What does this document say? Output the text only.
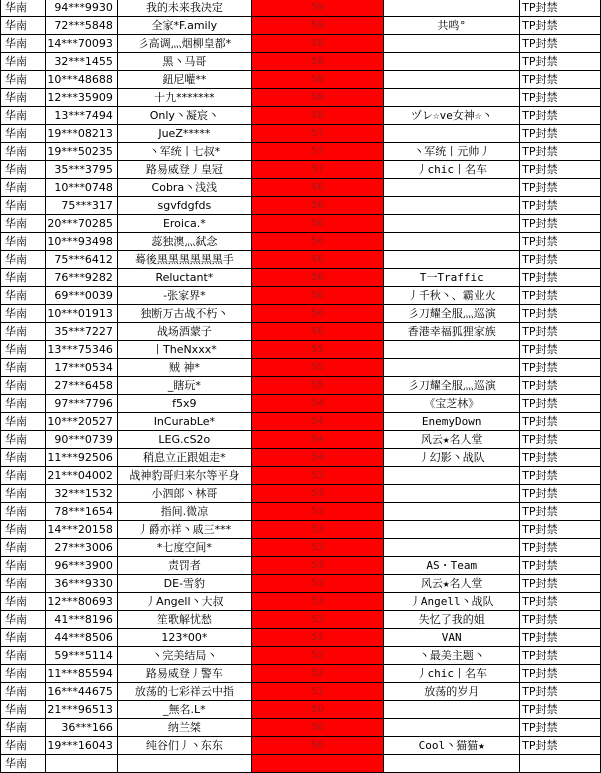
华南	94***9930	我的未来我决定	59		TP封禁
华南	72***5848	全家*F.amily	59	共鸣°	TP封禁
华南	14***70093	彡高调灬烟柳皇都*	58		TP封禁
华南	32***1455	黑丶马哥	58		TP封禁
华南	10***48688	鈕尼嚾**	58		TP封禁
华南	12***35909	十九*******	58		TP封禁
华南	13***7494	Only丶凝宸丶	58	ヅレ☆ve女神☆丶	TP封禁
华南	19***08213	JueZ*****	57		TP封禁
华南	19***50235	丶军统丨七叔*	57	丶军统丨元帅丿	TP封禁
华南	35***3795	路易威登丿皇冠	57	丿chic丨名车	TP封禁
华南	10***0748	Cobra丶浅浅	56		TP封禁
华南	75***317	sgvfdgfds	56		TP封禁
华南	20***70285	Eroica.*	56		TP封禁
华南	10***93498	蕊独澳灬弑念	56		TP封禁
华南	75***6412	蓦後黑黑黑黑黑黑手	56		TP封禁
华南	76***9282	Reluctant*	56	T一Traffic	TP封禁
华南	69***0039	-张家界*	56	丿千秋丶、霸业火	TP封禁
华南	10***01913	独断万古战不朽丶	56	彡刀耀全服灬巡演	TP封禁
华南	35***7227	战场酒蒙子	56	香港幸福狐狸家族	TP封禁
华南	13***75346	丨TheNxxx*	55		TP封禁
华南	17***0534	贼 神*	55		TP封禁
华南	27***6458	_瞎玩*	55	彡刀耀全服灬巡演	TP封禁
华南	97***7796	f5x9	54	《宝芝林》	TP封禁
华南	10***20527	InCurabLe*	54	EnemyDown	TP封禁
华南	90***0739	LEG.cS2o	54	风云★名人堂	TP封禁
华南	11***92506	稍息立正跟姐走*	54	丿幻影丶战队	TP封禁
华南	21***04002	战神豹哥归来尔等平身	53		TP封禁
华南	32***1532	小泗郎丶林哥	53		TP封禁
华南	78***1654	指间.微凉	53		TP封禁
华南	14***20158	丿爵亦祥丶戚三***	53		TP封禁
华南	27***3006	*七度空间*	53		TP封禁
华南	96***3900	责罚者	53	AS・Team	TP封禁
华南	36***9330	DE-雪豹	53	风云★名人堂	TP封禁
华南	12***80693	丿Angell丶大叔	53	丿Angell丶战队	TP封禁
华南	41***8196	笙歌解忧愁	53	失忆了我的姐	TP封禁
华南	44***8506	123*00*	52	VAN	TP封禁
华南	59***5114	丶完美结局丶	52	丶最美主题丶	TP封禁
华南	11***85594	路易威登丿警车	52	丿chic丨名车	TP封禁
华南	16***44675	放荡的七彩祥云中指	51	放荡的岁月	TP封禁
华南	21***96513	_無名.L*	50		TP封禁
华南	36***166	纳兰桀	50		TP封禁
华南	19***16043	纯谷们丿丶东东	50	Cool丶猫猫★	TP封禁
华南					
